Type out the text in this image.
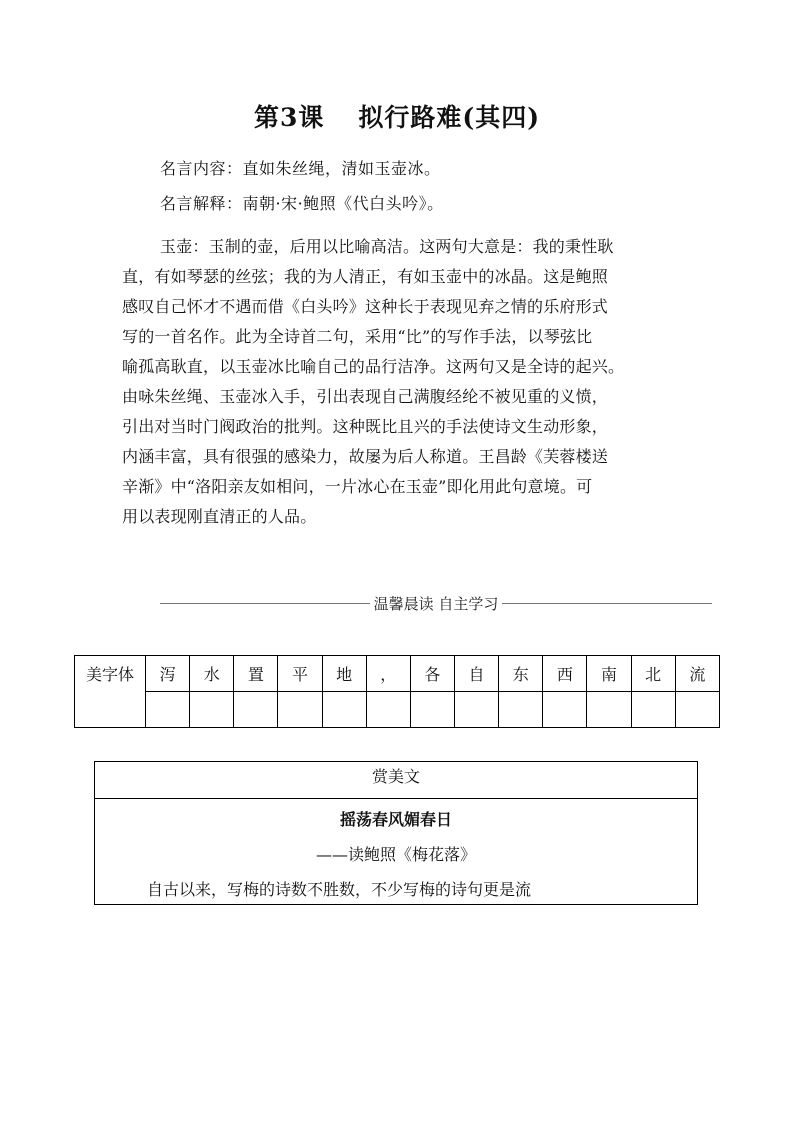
第3课 拟行路难(其四)
名言内容：直如朱丝绳，清如玉壶冰。
名言解释：南朝·宋·鲍照《代白头吟》。
玉壶：玉制的壶，后用以比喻高洁。这两句大意是：我的秉性耿
直，有如琴瑟的丝弦；我的为人清正，有如玉壶中的冰晶。这是鲍照
感叹自己怀才不遇而借《白头吟》这种长于表现见弃之情的乐府形式
写的一首名作。此为全诗首二句，采用“比”的写作手法，以琴弦比
喻孤高耿直，以玉壶冰比喻自己的品行洁净。这两句又是全诗的起兴。
由咏朱丝绳、玉壶冰入手，引出表现自己满腹经纶不被见重的义愤，
引出对当时门阀政治的批判。这种既比且兴的手法使诗文生动形象，
内涵丰富，具有很强的感染力，故屡为后人称道。王昌龄《芙蓉楼送
辛渐》中“洛阳亲友如相问，一片冰心在玉壶”即化用此句意境。可
用以表现刚直清正的人品。
温馨晨读 自主学习
美字体	泻	水	置	平	地	，	各	自	东	西	南	北	流

赏美文
摇荡春风媚春日
——读鲍照《梅花落》
自古以来，写梅的诗数不胜数，不少写梅的诗句更是流
